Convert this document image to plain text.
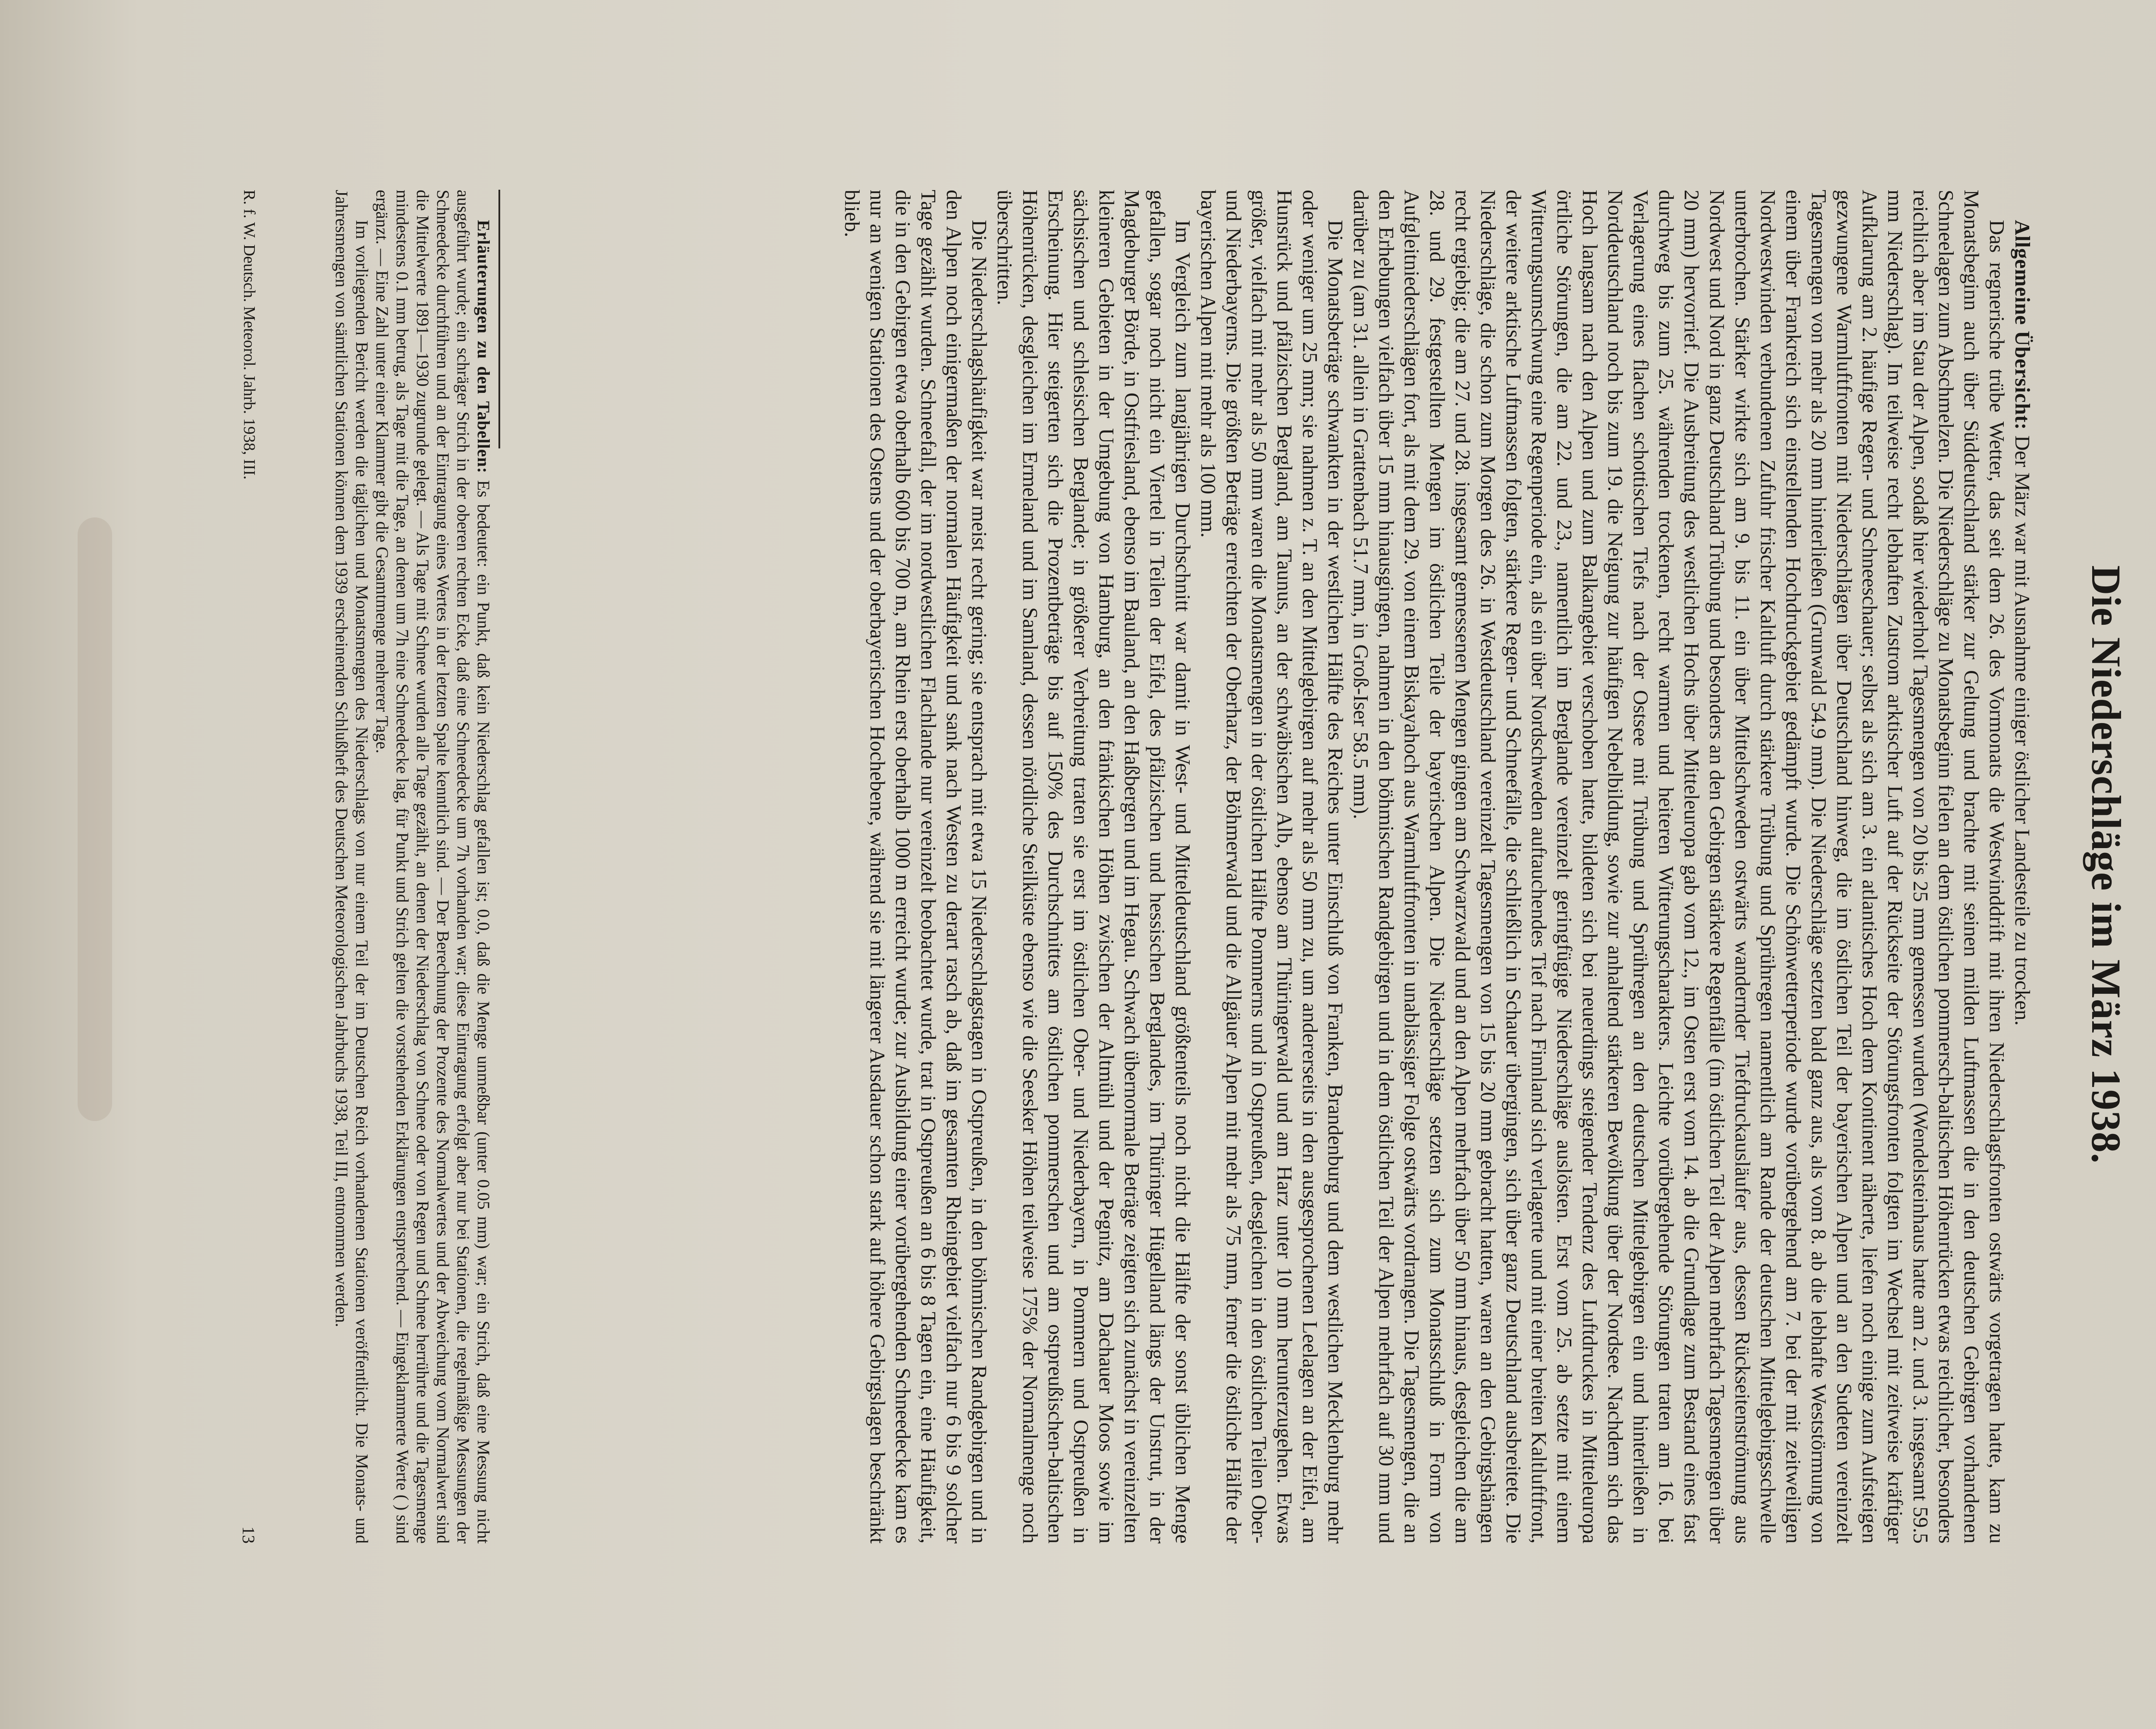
Die Niederschläge im März 1938.

Allgemeine Übersicht: Der März war mit Ausnahme einiger östlicher Landesteile zu trocken.

Das regnerische trübe Wetter, das seit dem 26. des Vormonats die Westwinddrift mit ihren Niederschlagsfronten ostwärts vorgetragen hatte, kam zu Monatsbeginn auch über Süddeutschland stärker zur Geltung und brachte mit seinen milden Luftmassen die in den deutschen Gebirgen vorhandenen Schneelagen zum Abschmelzen. Die Niederschläge zu Monatsbeginn fielen an dem östlichen pommersch-baltischen Höhenrücken etwas reichlicher, besonders reichlich aber im Stau der Alpen, sodaß hier wiederholt Tagesmengen von 20 bis 25 mm gemessen wurden (Wendelsteinhaus hatte am 2. und 3. insgesamt 59.5 mm Niederschlag). Im teilweise recht lebhaften Zustrom arktischer Luft auf der Rückseite der Störungsfronten folgten im Wechsel mit zeitweise kräftiger Aufklarung am 2. häufige Regen- und Schneeschauer; selbst als sich am 3. ein atlantisches Hoch dem Kontinent näherte, liefen noch einige zum Aufsteigen gezwungene Warmluftfronten mit Niederschlägen über Deutschland hinweg, die im östlichen Teil der bayerischen Alpen und an den Sudeten vereinzelt Tagesmengen von mehr als 20 mm hinterließen (Grunwald 54.9 mm). Die Niederschläge setzten bald ganz aus, als vom 8. ab die lebhafte Weststörmung von einem über Frankreich sich einstellenden Hochdruckgebiet gedämpft wurde. Die Schönwetterperiode wurde vorübergehend am 7. bei der mit zeitweiligen Nordwestwinden verbundenen Zufuhr frischer Kaltluft durch stärkere Trübung und Sprühregen namentlich am Rande der deutschen Mittelgebirgsschwelle unterbrochen. Stärker wirkte sich am 9. bis 11. ein über Mittelschweden ostwärts wandernder Tiefdruckausläufer aus, dessen Rückseitenströmung aus Nordwest und Nord in ganz Deutschland Trübung und besonders an den Gebirgen stärkere Regenfälle (im östlichen Teil der Alpen mehrfach Tagesmengen über 20 mm) hervorrief. Die Ausbreitung des westlichen Hochs über Mitteleuropa gab vom 12., im Osten erst vom 14. ab die Grundlage zum Bestand eines fast durchweg bis zum 25. währenden trockenen, recht warmen und heiteren Witterungscharakters. Leichte vorübergehende Störungen traten am 16. bei Verlagerung eines flachen schottischen Tiefs nach der Ostsee mit Trübung und Sprühregen an den deutschen Mittelgebirgen ein und hinterließen in Norddeutschland noch bis zum 19. die Neigung zur häufigen Nebelbildung, sowie zur anhaltend stärkeren Bewölkung über der Nordsee. Nachdem sich das Hoch langsam nach den Alpen und zum Balkangebiet verschoben hatte, bildeten sich bei neuerdings steigender Tendenz des Luftdruckes in Mitteleuropa örtliche Störungen, die am 22. und 23., namentlich im Berglande vereinzelt geringfügige Niederschläge auslösten. Erst vom 25. ab setzte mit einem Witterungsumschwung eine Regenperiode ein, als ein über Nordschweden auftauchendes Tief nach Finnland sich verlagerte und mit einer breiten Kaltluftfront, der weitere arktische Luftmassen folgten, stärkere Regen- und Schneefälle, die schließlich in Schauer übergingen, sich über ganz Deutschland ausbreitete. Die Niederschläge, die schon zum Morgen des 26. in Westdeutschland vereinzelt Tagesmengen von 15 bis 20 mm gebracht hatten, waren an den Gebirgshängen recht ergiebig; die am 27. und 28. insgesamt gemessenen Mengen gingen am Schwarzwald und an den Alpen mehrfach über 50 mm hinaus, desgleichen die am 28. und 29. festgestellten Mengen im östlichen Teile der bayerischen Alpen. Die Niederschläge setzten sich zum Monatsschluß in Form von Aufgleitniederschlägen fort, als mit dem 29. von einem Biskayahoch aus Warmluftfronten in unablässiger Folge ostwärts vordrangen. Die Tagesmengen, die an den Erhebungen vielfach über 15 mm hinausgingen, nahmen in den böhmischen Randgebirgen und in dem östlichen Teil der Alpen mehrfach auf 30 mm und darüber zu (am 31. allein in Grattenbach 51.7 mm, in Groß-Iser 58.5 mm).

Die Monatsbeträge schwankten in der westlichen Hälfte des Reiches unter Einschluß von Franken, Brandenburg und dem westlichen Mecklenburg mehr oder weniger um 25 mm; sie nahmen z. T. an den Mittelgebirgen auf mehr als 50 mm zu, um andererseits in den ausgesprochenen Leelagen an der Eifel, am Hunsrück und pfälzischen Bergland, am Taunus, an der schwäbischen Alb, ebenso am Thüringerwald und am Harz unter 10 mm herunterzugehen. Etwas größer, vielfach mit mehr als 50 mm waren die Monatsmengen in der östlichen Hälfte Pommerns und in Ostpreußen, desgleichen in den östlichen Teilen Ober- und Niederbayerns. Die größten Beträge erreichten der Oberharz, der Böhmerwald und die Allgäuer Alpen mit mehr als 75 mm, ferner die östliche Hälfte der bayerischen Alpen mit mehr als 100 mm.

Im Vergleich zum langjährigen Durchschnitt war damit in West- und Mitteldeutschland größtenteils noch nicht die Hälfte der sonst üblichen Menge gefallen, sogar noch nicht ein Viertel in Teilen der Eifel, des pfälzischen und hessischen Berglandes, im Thüringer Hügelland längs der Unstrut, in der Magdeburger Börde, in Ostfriesland, ebenso im Bauland, an den Haßbergen und im Hegau. Schwach übernormale Beträge zeigten sich zunächst in vereinzelten kleineren Gebieten in der Umgebung von Hamburg, an den fränkischen Höhen zwischen der Altmühl und der Pegnitz, am Dachauer Moos sowie im sächsischen und schlesischen Berglande; in größerer Verbreitung traten sie erst im östlichen Ober- und Niederbayern, in Pommern und Ostpreußen in Erscheinung. Hier steigerten sich die Prozentbeträge bis auf 150% des Durchschnittes am östlichen pommerschen und am ostpreußischen-baltischen Höhenrücken, desgleichen im Ermeland und im Samland, dessen nördliche Steilküste ebenso wie die Seesker Höhen teilweise 175% der Normalmenge noch überschritten.

Die Niederschlagshäufigkeit war meist recht gering; sie entsprach mit etwa 15 Niederschlagstagen in Ostpreußen, in den böhmischen Randgebirgen und in den Alpen noch einigermaßen der normalen Häufigkeit und sank nach Westen zu derart rasch ab, daß im gesamten Rheingebiet vielfach nur 6 bis 9 solcher Tage gezählt wurden. Schneefall, der im nordwestlichen Flachlande nur vereinzelt beobachtet wurde, trat in Ostpreußen an 6 bis 8 Tagen ein, eine Häufigkeit, die in den Gebirgen etwa oberhalb 600 bis 700 m, am Rhein erst oberhalb 1000 m erreicht wurde; zur Ausbildung einer vorübergehenden Schneedecke kam es nur an wenigen Stationen des Ostens und der oberbayerischen Hochebene, während sie mit längerer Ausdauer schon stark auf höhere Gebirgslagen beschränkt blieb.

Erläuterungen zu den Tabellen: Es bedeutet: ein Punkt, daß kein Niederschlag gefallen ist; 0.0, daß die Menge unmeßbar (unter 0.05 mm) war; ein Strich, daß eine Messung nicht ausgeführt wurde; ein schräger Strich in der oberen rechten Ecke, daß eine Schneedecke um 7h vorhanden war; diese Eintragung erfolgt aber nur bei Stationen, die regelmäßige Messungen der Schneedecke durchführen und an der Eintragung eines Wertes in der letzten Spalte kenntlich sind. — Der Berechnung der Prozente des Normalwertes und der Abweichung vom Normalwert sind die Mittelwerte 1891—1930 zugrunde gelegt. — Als Tage mit Schnee wurden alle Tage gezählt, an denen der Niederschlag von Schnee oder von Regen und Schnee herrührte und die Tagesmenge mindestens 0.1 mm betrug, als Tage mit die Tage, an denen um 7h eine Schneedecke lag, für Punkt und Strich gelten die vorstehenden Erklärungen entsprechend. — Eingeklammerte Werte ( ) sind ergänzt. — Eine Zahl unter einer Klammer gibt die Gesamtmenge mehrerer Tage.

Im vorliegenden Bericht werden die täglichen und Monatsmengen des Niederschlags von nur einem Teil der im Deutschen Reich vorhandenen Stationen veröffentlicht. Die Monats- und Jahresmengen von sämtlichen Stationen können dem 1939 erscheinenden Schlußheft des Deutschen Meteorologischen Jahrbuchs 1938, Teil III, entnommen werden.

R. f. W. Deutsch. Meteorol. Jahrb. 1938, III.
13
